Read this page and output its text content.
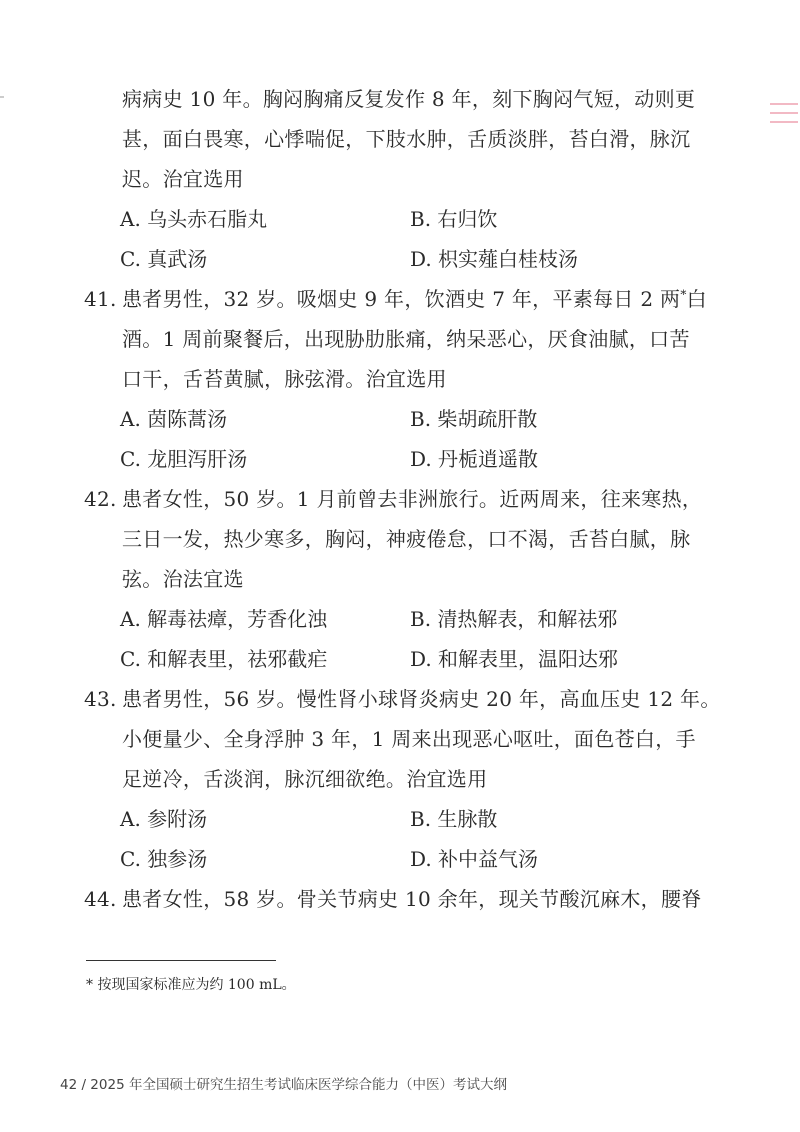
病病史 10 年。胸闷胸痛反复发作 8 年，刻下胸闷气短，动则更
甚，面白畏寒，心悸喘促，下肢水肿，舌质淡胖，苔白滑，脉沉
迟。治宜选用
A. 乌头赤石脂丸	B. 右归饮
C. 真武汤	D. 枳实薤白桂枝汤
41. 患者男性，32 岁。吸烟史 9 年，饮酒史 7 年，平素每日 2 两*白
酒。1 周前聚餐后，出现胁肋胀痛，纳呆恶心，厌食油腻，口苦
口干，舌苔黄腻，脉弦滑。治宜选用
A. 茵陈蒿汤	B. 柴胡疏肝散
C. 龙胆泻肝汤	D. 丹栀逍遥散
42. 患者女性，50 岁。1 月前曾去非洲旅行。近两周来，往来寒热，
三日一发，热少寒多，胸闷，神疲倦怠，口不渴，舌苔白腻，脉
弦。治法宜选
A. 解毒祛瘴，芳香化浊	B. 清热解表，和解祛邪
C. 和解表里，祛邪截疟	D. 和解表里，温阳达邪
43. 患者男性，56 岁。慢性肾小球肾炎病史 20 年，高血压史 12 年。
小便量少、全身浮肿 3 年，1 周来出现恶心呕吐，面色苍白，手
足逆冷，舌淡润，脉沉细欲绝。治宜选用
A. 参附汤	B. 生脉散
C. 独参汤	D. 补中益气汤
44. 患者女性，58 岁。骨关节病史 10 余年，现关节酸沉麻木，腰脊
* 按现国家标准应为约 100 mL。
42 / 2025 年全国硕士研究生招生考试临床医学综合能力（中医）考试大纲
